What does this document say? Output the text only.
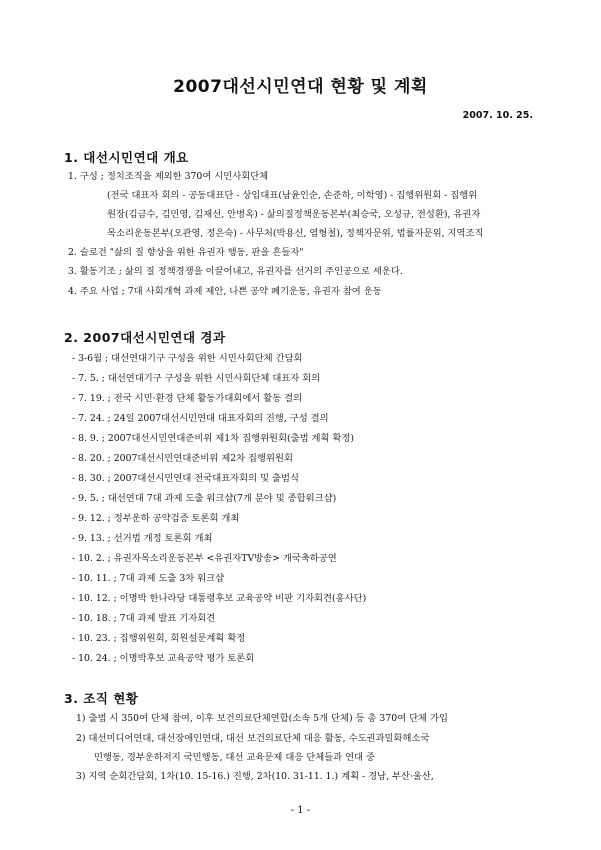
2007대선시민연대 현황 및 계획
2007. 10. 25.
1. 대선시민연대 개요
1. 구성 ; 정치조직을 제외한 370여 시민사회단체
(전국 대표자 회의 - 공동대표단 - 상임대표(남윤인순, 손준하, 이학영) - 집행위원회 - 집행위
원장(김금수, 김민영, 김재선, 안병옥) - 삶의질정책운동본부(최승국, 오성규, 전성환), 유권자
목소리운동본부(오관영, 정은숙) - 사무처(박용신, 염형철), 정책자문위, 법률자문위, 지역조직
2. 슬로건 "삶의 질 향상을 위한 유권자 행동, 판을 흔들자"
3. 활동기조 ; 삶의 질 정책경쟁을 이끌어내고, 유권자를 선거의 주인공으로 세운다.
4. 주요 사업 ; 7대 사회개혁 과제 제안, 나쁜 공약 폐기운동, 유권자 참여 운동
2. 2007대선시민연대 경과
- 3-6월 ; 대선연대기구 구성을 위한 시민사회단체 간담회
- 7. 5. ; 대선연대기구 구성을 위한 시민사회단체 대표자 회의
- 7. 19. ; 전국 시민·환경 단체 활동가대회에서 활동 결의
- 7. 24. ; 24일 2007대선시민연대 대표자회의 진행, 구성 결의
- 8. 9. ; 2007대선시민연대준비위 제1차 집행위원회(출범 계획 확정)
- 8. 20. ; 2007대선시민연대준비위 제2차 집행위원회
- 8. 30. ; 2007대선시민연대 전국대표자회의 및 출범식
- 9. 5. ; 대선연대 7대 과제 도출 워크샵(7개 분야 및 종합워크샵)
- 9. 12. ; 정부운하 공약검증 토론회 개최
- 9. 13. ; 선거법 개정 토론회 개최
- 10. 2. ; 유권자목소리운동본부 <유권자TV방송> 개국축하공연
- 10. 11. ; 7대 과제 도출 3차 워크샵
- 10. 12. ; 이명박 한나라당 대통령후보 교육공약 비판 기자회견(홍사단)
- 10. 18. ; 7대 과제 발표 기자회견
- 10. 23. ; 집행위원회, 회원설문계획 확정
- 10. 24. ; 이명박후보 교육공약 평가 토론회
3. 조직 현황
1) 출범 시 350여 단체 참여, 이후 보건의료단체연합(소속 5개 단체) 등 총 370여 단체 가입
2) 대선미디어연대, 대선장애인연대, 대선 보건의료단체 대응 활동, 수도권과밀화해소국
민행동, 경부운하저지 국민행동, 대선 교육문제 대응 단체들과 연대 중
3) 지역 순회간담회, 1차(10. 15-16.) 진행, 2차(10. 31-11. 1.) 계획 - 경남, 부산·울산,
- 1 -
